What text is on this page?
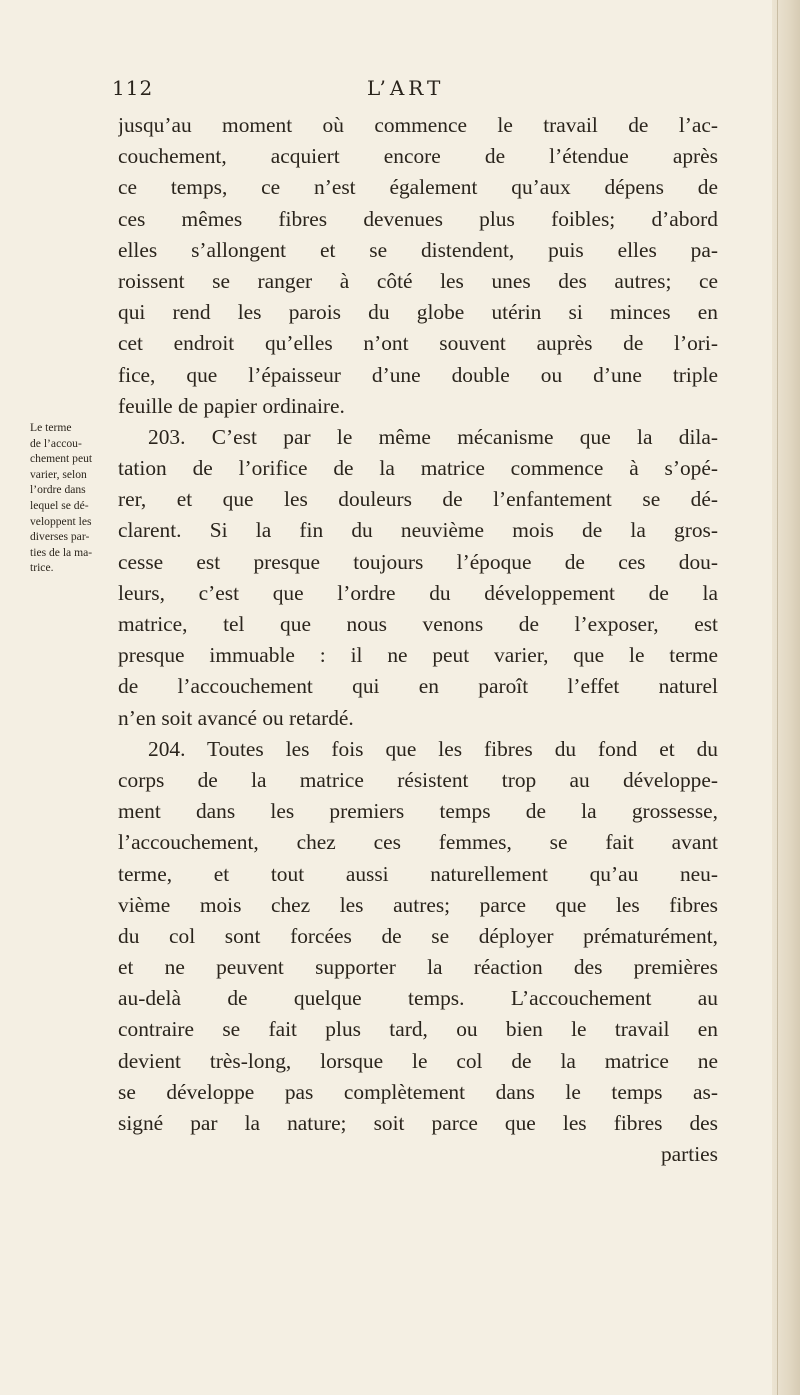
112	L’ART
Le terme
de l’accou-
chement peut
varier, selon
l’ordre dans
lequel se dé-
veloppent les
diverses par-
ties de la ma-
trice.
jusqu’au moment où commence le travail de l’ac-
couchement, acquiert encore de l’étendue après
ce temps, ce n’est également qu’aux dépens de
ces mêmes fibres devenues plus foibles; d’abord
elles s’allongent et se distendent, puis elles pa-
roissent se ranger à côté les unes des autres; ce
qui rend les parois du globe utérin si minces en
cet endroit qu’elles n’ont souvent auprès de l’ori-
fice, que l’épaisseur d’une double ou d’une triple
feuille de papier ordinaire.
203. C’est par le même mécanisme que la dila-
tation de l’orifice de la matrice commence à s’opé-
rer, et que les douleurs de l’enfantement se dé-
clarent. Si la fin du neuvième mois de la gros-
cesse est presque toujours l’époque de ces dou-
leurs, c’est que l’ordre du développement de la
matrice, tel que nous venons de l’exposer, est
presque immuable : il ne peut varier, que le terme
de l’accouchement qui en paroît l’effet naturel
n’en soit avancé ou retardé.
204. Toutes les fois que les fibres du fond et du
corps de la matrice résistent trop au développe-
ment dans les premiers temps de la grossesse,
l’accouchement, chez ces femmes, se fait avant
terme, et tout aussi naturellement qu’au neu-
vième mois chez les autres; parce que les fibres
du col sont forcées de se déployer prématurément,
et ne peuvent supporter la réaction des premières
au-delà de quelque temps. L’accouchement au
contraire se fait plus tard, ou bien le travail en
devient très-long, lorsque le col de la matrice ne
se développe pas complètement dans le temps as-
signé par la nature; soit parce que les fibres des
parties
